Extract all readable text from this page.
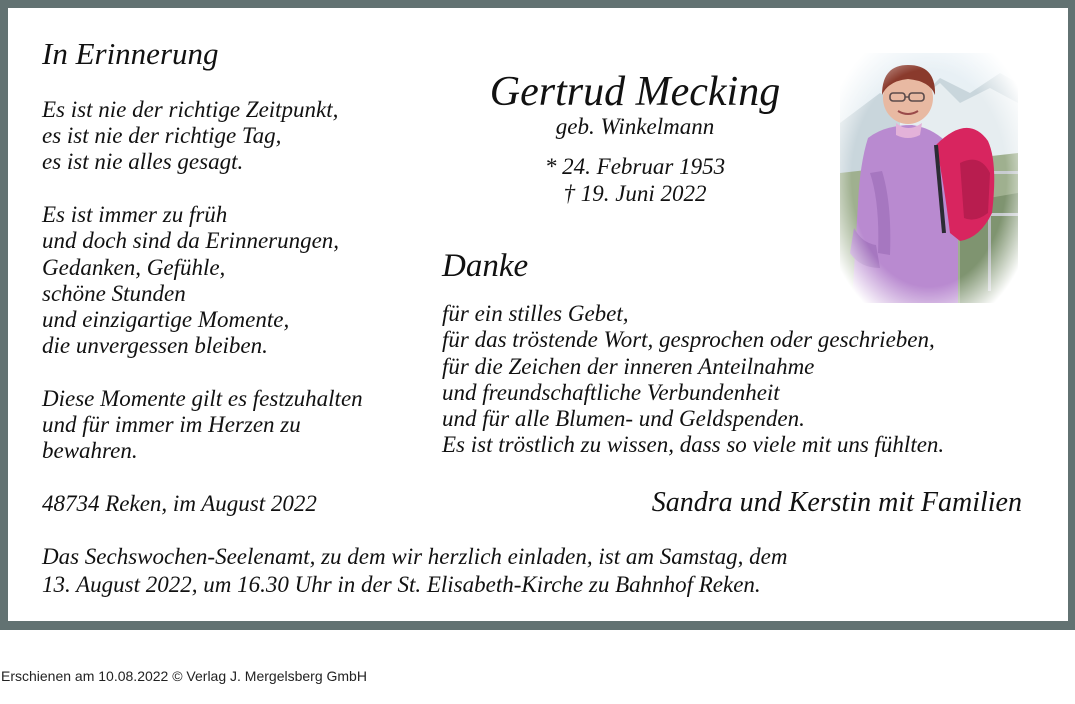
In Erinnerung
Es ist nie der richtige Zeitpunkt,
es ist nie der richtige Tag,
es ist nie alles gesagt.
Es ist immer zu früh
und doch sind da Erinnerungen,
Gedanken, Gefühle,
schöne Stunden
und einzigartige Momente,
die unvergessen bleiben.
Diese Momente gilt es festzuhalten
und für immer im Herzen zu
bewahren.
48734 Reken, im August 2022
Gertrud Mecking
geb. Winkelmann
* 24. Februar 1953
† 19. Juni 2022
Danke
für ein stilles Gebet,
für das tröstende Wort, gesprochen oder geschrieben,
für die Zeichen der inneren Anteilnahme
und freundschaftliche Verbundenheit
und für alle Blumen- und Geldspenden.
Es ist tröstlich zu wissen, dass so viele mit uns fühlten.
Sandra und Kerstin mit Familien
Das Sechswochen-Seelenamt, zu dem wir herzlich einladen, ist am Samstag, dem
13. August 2022, um 16.30 Uhr in der St. Elisabeth-Kirche zu Bahnhof Reken.
Erschienen am 10.08.2022 © Verlag J. Mergelsberg GmbH
